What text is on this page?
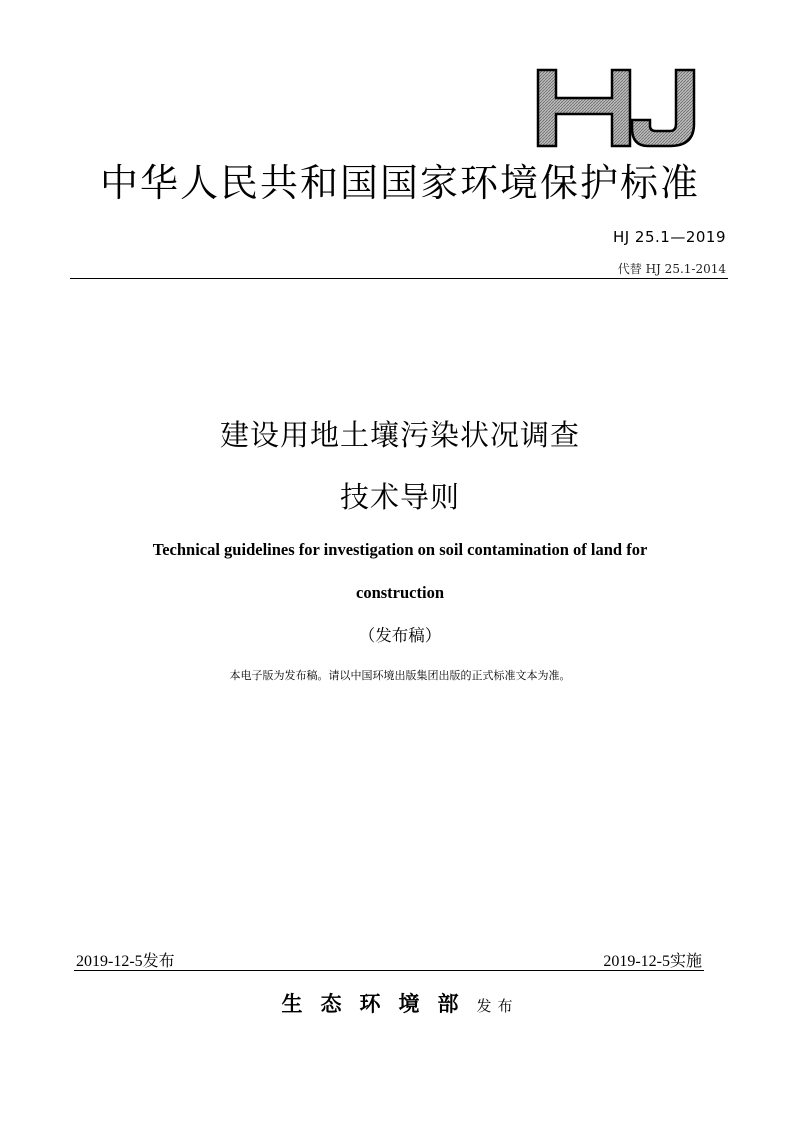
中华人民共和国国家环境保护标准
HJ 25.1—2019
代替 HJ 25.1-2014
建设用地土壤污染状况调查
技术导则
Technical guidelines for investigation on soil contamination of land for
construction
（发布稿）
本电子版为发布稿。请以中国环境出版集团出版的正式标准文本为准。
2019-12-5发布	2019-12-5实施
生态环境部发布
